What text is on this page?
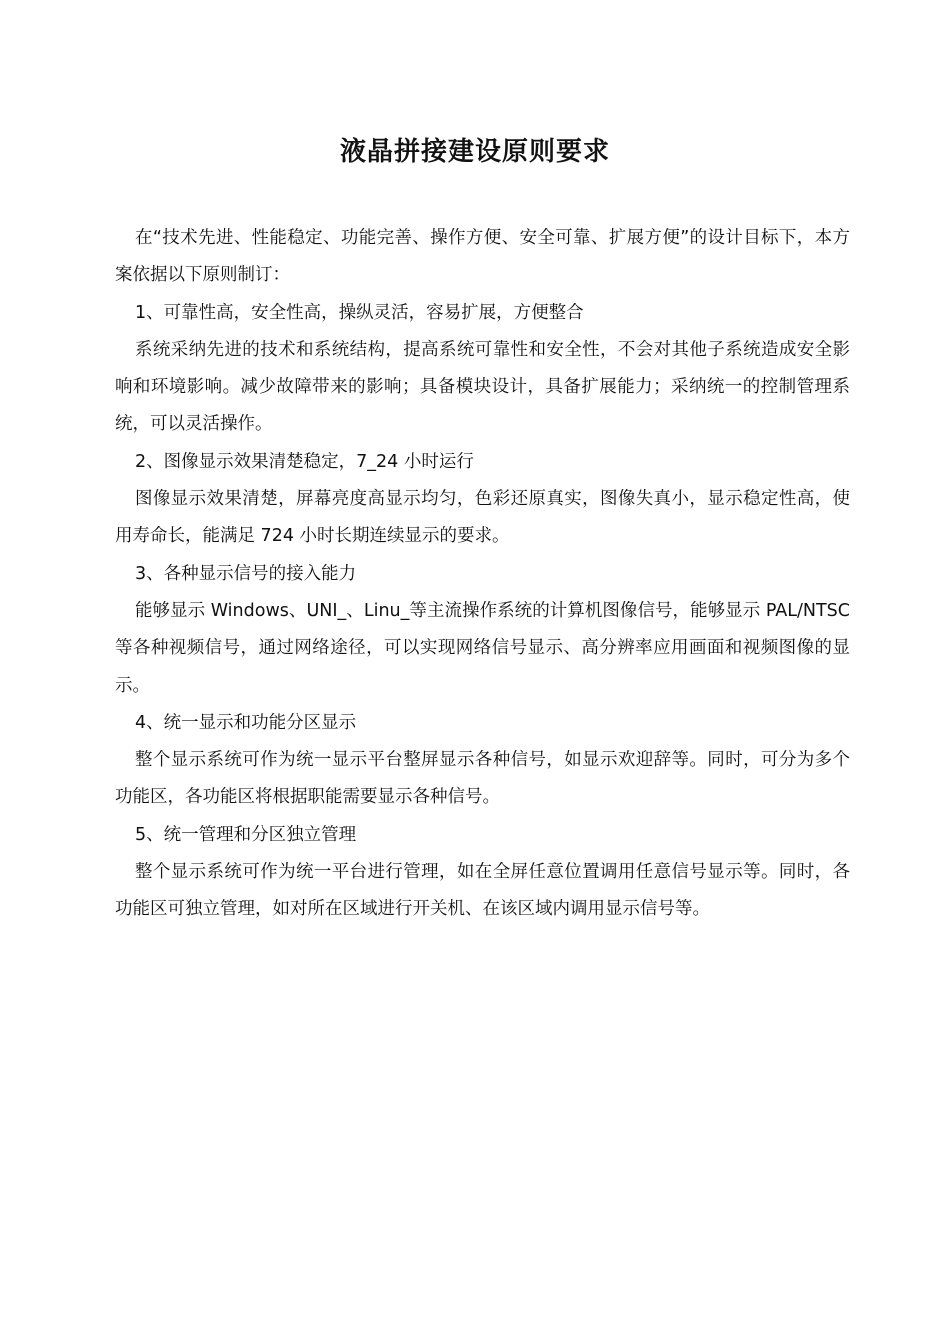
液晶拼接建设原则要求

在“技术先进、性能稳定、功能完善、操作方便、安全可靠、扩展方便”的设计目标下，本方案依据以下原则制订：

1、可靠性高，安全性高，操纵灵活，容易扩展，方便整合

系统采纳先进的技术和系统结构，提高系统可靠性和安全性，不会对其他子系统造成安全影响和环境影响。减少故障带来的影响；具备模块设计，具备扩展能力；采纳统一的控制管理系统，可以灵活操作。

2、图像显示效果清楚稳定，7_24 小时运行

图像显示效果清楚，屏幕亮度高显示均匀，色彩还原真实，图像失真小，显示稳定性高，使用寿命长，能满足 724 小时长期连续显示的要求。

3、各种显示信号的接入能力

能够显示 Windows、UNI_、Linu_等主流操作系统的计算机图像信号，能够显示 PAL/NTSC 等各种视频信号，通过网络途径，可以实现网络信号显示、高分辨率应用画面和视频图像的显示。

4、统一显示和功能分区显示

整个显示系统可作为统一显示平台整屏显示各种信号，如显示欢迎辞等。同时，可分为多个功能区，各功能区将根据职能需要显示各种信号。

5、统一管理和分区独立管理

整个显示系统可作为统一平台进行管理，如在全屏任意位置调用任意信号显示等。同时，各功能区可独立管理，如对所在区域进行开关机、在该区域内调用显示信号等。
